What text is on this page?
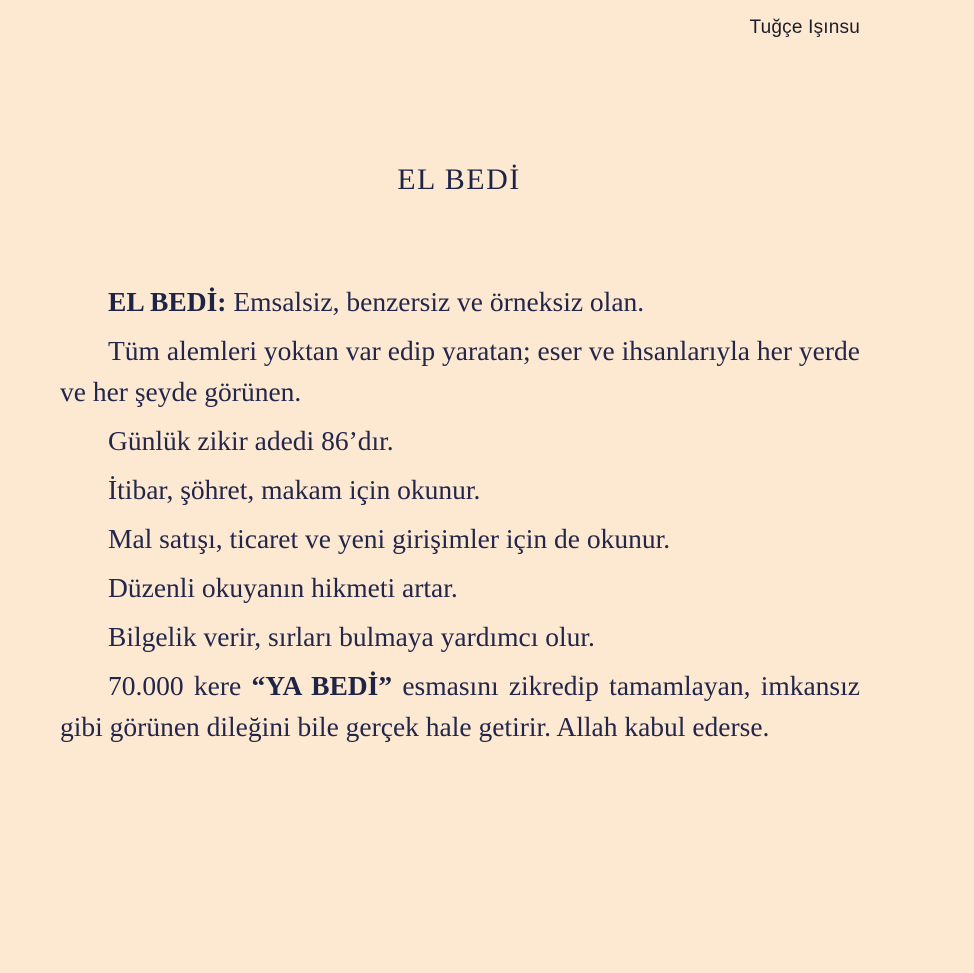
Tuğçe Işınsu
EL BEDİ

EL BEDİ: Emsalsiz, benzersiz ve örneksiz olan.

Tüm alemleri yoktan var edip yaratan; eser ve ihsanlarıyla her yerde ve her şeyde görünen.

Günlük zikir adedi 86’dır.

İtibar, şöhret, makam için okunur.

Mal satışı, ticaret ve yeni girişimler için de okunur.

Düzenli okuyanın hikmeti artar.

Bilgelik verir, sırları bulmaya yardımcı olur.

70.000 kere “YA BEDİ” esmasını zikredip tamamlayan, imkansız gibi görünen dileğini bile gerçek hale getirir. Allah kabul ederse.
